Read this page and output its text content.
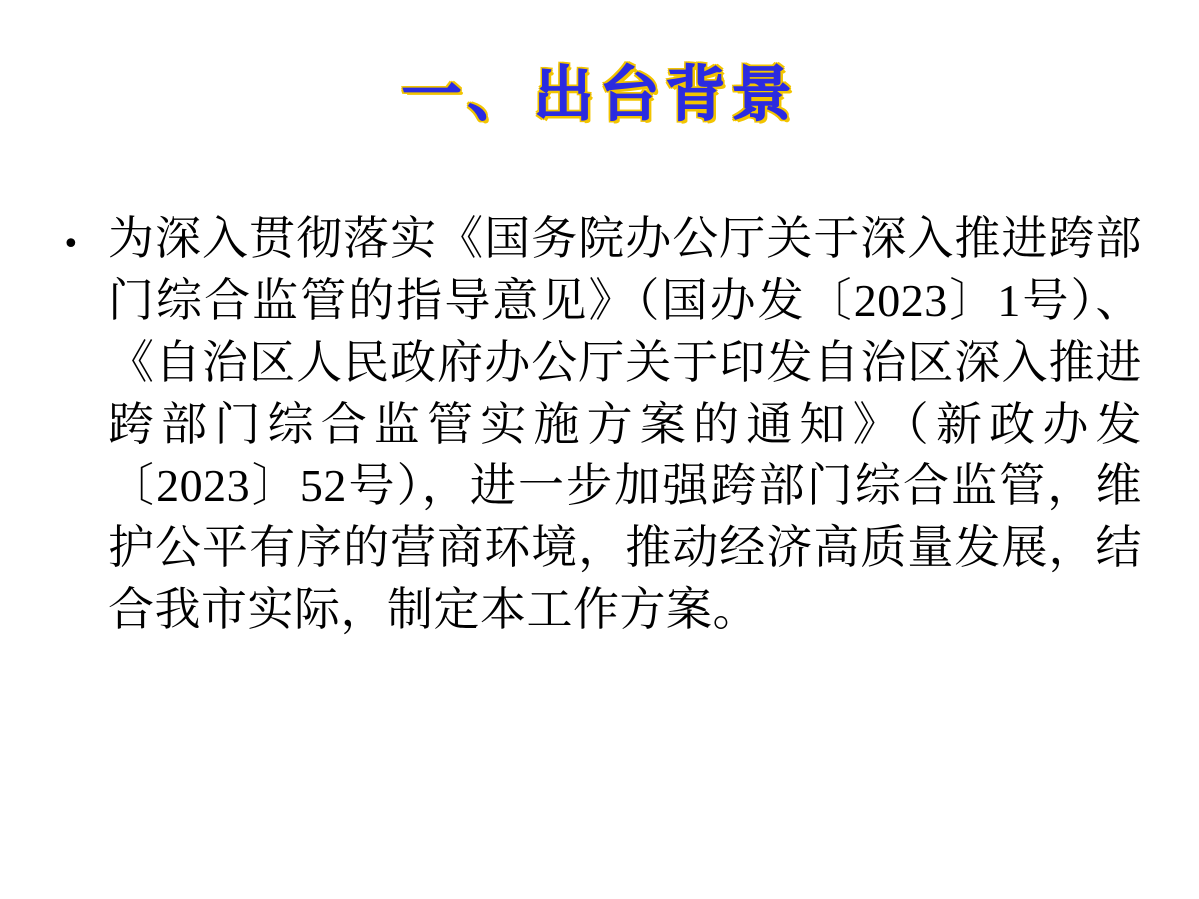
一、出台背景
• 为深入贯彻落实《国务院办公厅关于深入推进跨部门综合监管的指导意见》（国办发〔2023〕1号）、《自治区人民政府办公厅关于印发自治区深入推进跨部门综合监管实施方案的通知》（新政办发〔2023〕52号），进一步加强跨部门综合监管，维护公平有序的营商环境，推动经济高质量发展，结合我市实际，制定本工作方案。
